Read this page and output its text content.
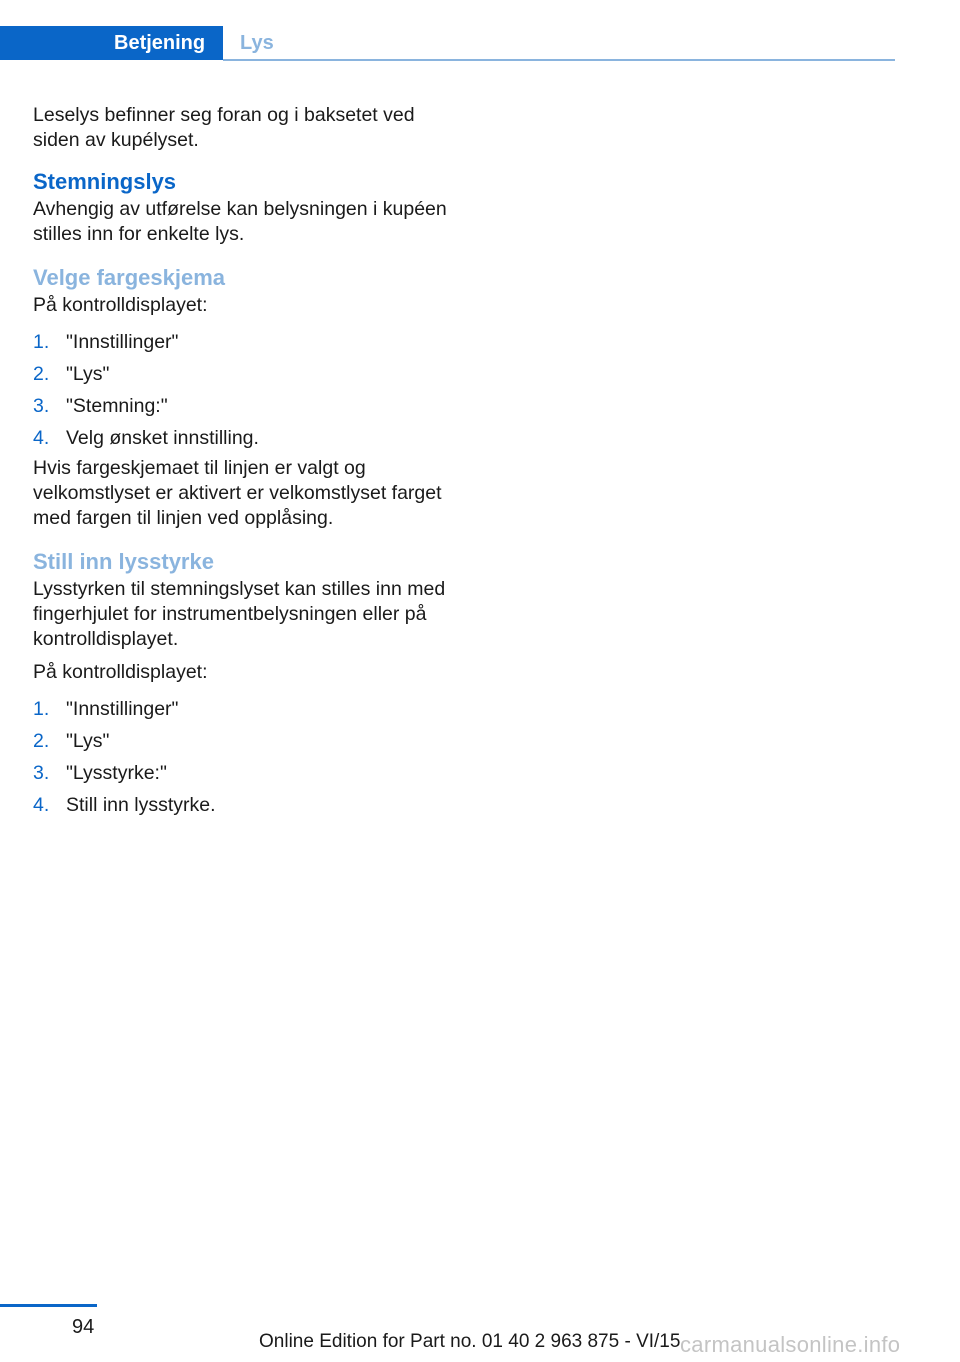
Betjening	Lys

Leselys befinner seg foran og i baksetet ved siden av kupélyset.

Stemningslys

Avhengig av utførelse kan belysningen i kupéen stilles inn for enkelte lys.

Velge fargeskjema

På kontrolldisplayet:

1. "Innstillinger"
2. "Lys"
3. "Stemning:"
4. Velg ønsket innstilling.

Hvis fargeskjemaet til linjen er valgt og velkomstlyset er aktivert er velkomstlyset farget med fargen til linjen ved opplåsing.

Still inn lysstyrke

Lysstyrken til stemningslyset kan stilles inn med fingerhjulet for instrumentbelysningen eller på kontrolldisplayet.

På kontrolldisplayet:

1. "Innstillinger"
2. "Lys"
3. "Lysstyrke:"
4. Still inn lysstyrke.
94
Online Edition for Part no. 01 40 2 963 875 - VI/15 carmanualsonline.info
